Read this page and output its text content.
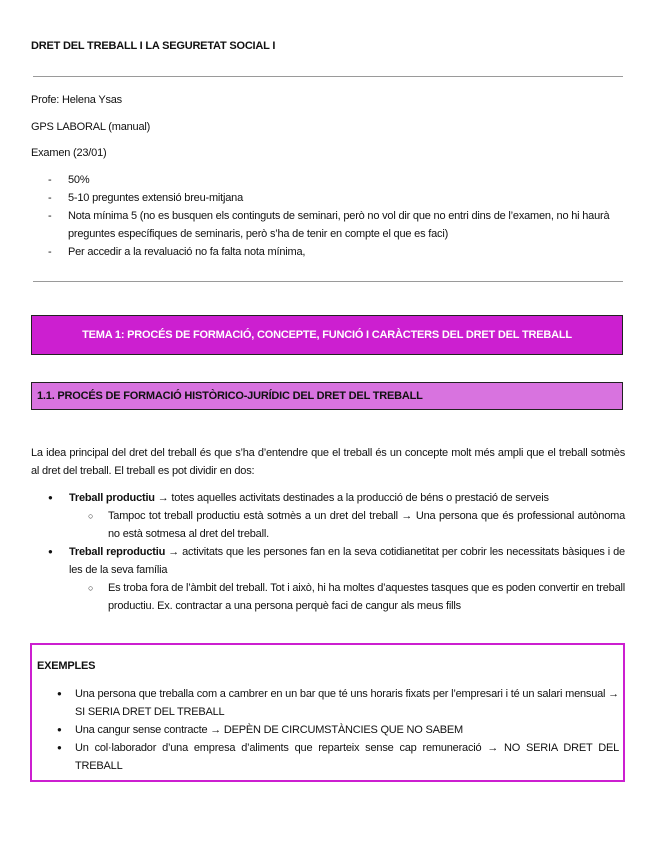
DRET DEL TREBALL I LA SEGURETAT SOCIAL I
Profe: Helena Ysas
GPS LABORAL (manual)
Examen (23/01)
- 50%
- 5-10 preguntes extensió breu-mitjana
- Nota mínima 5 (no es busquen els continguts de seminari, però no vol dir que no entri dins de l’examen, no hi haurà preguntes específiques de seminaris, però s’ha de tenir en compte el que es faci)
- Per accedir a la revaluació no fa falta nota mínima,
TEMA 1: PROCÉS DE FORMACIÓ, CONCEPTE, FUNCIÓ I CARÀCTERS DEL DRET DEL TREBALL
1.1. PROCÉS DE FORMACIÓ HISTÒRICO-JURÍDIC DEL DRET DEL TREBALL
La idea principal del dret del treball és que s’ha d’entendre que el treball és un concepte molt més ampli que el treball sotmès al dret del treball. El treball es pot dividir en dos:
● Treball productiu → totes aquelles activitats destinades a la producció de béns o prestació de serveis
○ Tampoc tot treball productiu està sotmès a un dret del treball → Una persona que és professional autònoma no està sotmesa al dret del treball.
● Treball reproductiu → activitats que les persones fan en la seva cotidianetitat per cobrir les necessitats bàsiques i de les de la seva família
○ Es troba fora de l’àmbit del treball. Tot i això, hi ha moltes d’aquestes tasques que es poden convertir en treball productiu. Ex. contractar a una persona perquè faci de cangur als meus fills
EXEMPLES
● Una persona que treballa com a cambrer en un bar que té uns horaris fixats per l’empresari i té un salari mensual → SI SERIA DRET DEL TREBALL
● Una cangur sense contracte → DEPÈN DE CIRCUMSTÀNCIES QUE NO SABEM
● Un col·laborador d’una empresa d’aliments que reparteix sense cap remuneració → NO SERIA DRET DEL TREBALL
